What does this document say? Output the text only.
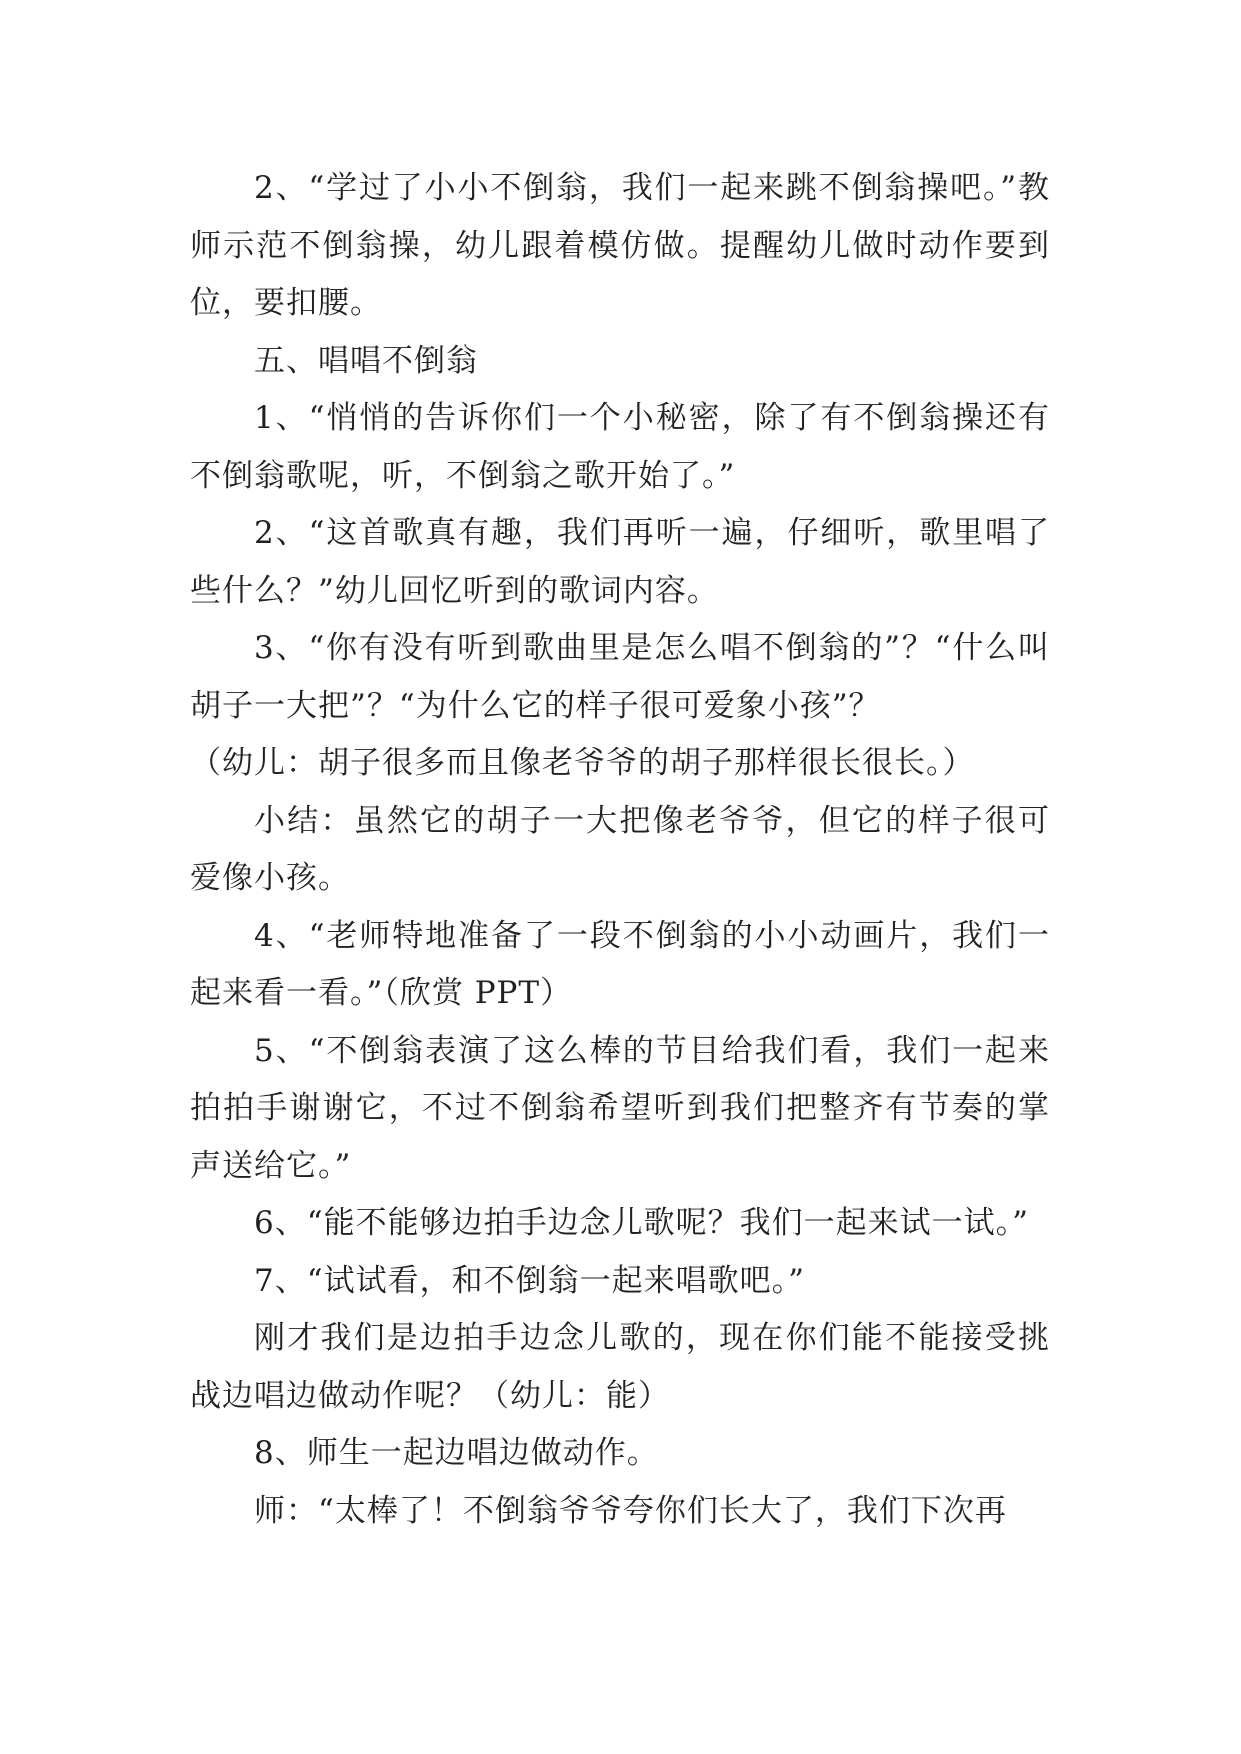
2、“学过了小小不倒翁，我们一起来跳不倒翁操吧。”教师示范不倒翁操，幼儿跟着模仿做。提醒幼儿做时动作要到位，要扣腰。

五、唱唱不倒翁

1、“悄悄的告诉你们一个小秘密，除了有不倒翁操还有不倒翁歌呢，听，不倒翁之歌开始了。”

2、“这首歌真有趣，我们再听一遍，仔细听，歌里唱了些什么？”幼儿回忆听到的歌词内容。

3、“你有没有听到歌曲里是怎么唱不倒翁的”？“什么叫胡子一大把”？“为什么它的样子很可爱象小孩”？

（幼儿：胡子很多而且像老爷爷的胡子那样很长很长。）

小结：虽然它的胡子一大把像老爷爷，但它的样子很可爱像小孩。

4、“老师特地准备了一段不倒翁的小小动画片，我们一起来看一看。”（欣赏 PPT）

5、“不倒翁表演了这么棒的节目给我们看，我们一起来拍拍手谢谢它，不过不倒翁希望听到我们把整齐有节奏的掌声送给它。”

6、“能不能够边拍手边念儿歌呢？我们一起来试一试。”

7、“试试看，和不倒翁一起来唱歌吧。”

刚才我们是边拍手边念儿歌的，现在你们能不能接受挑战边唱边做动作呢？（幼儿：能）

8、师生一起边唱边做动作。

师：“太棒了！不倒翁爷爷夸你们长大了，我们下次再
